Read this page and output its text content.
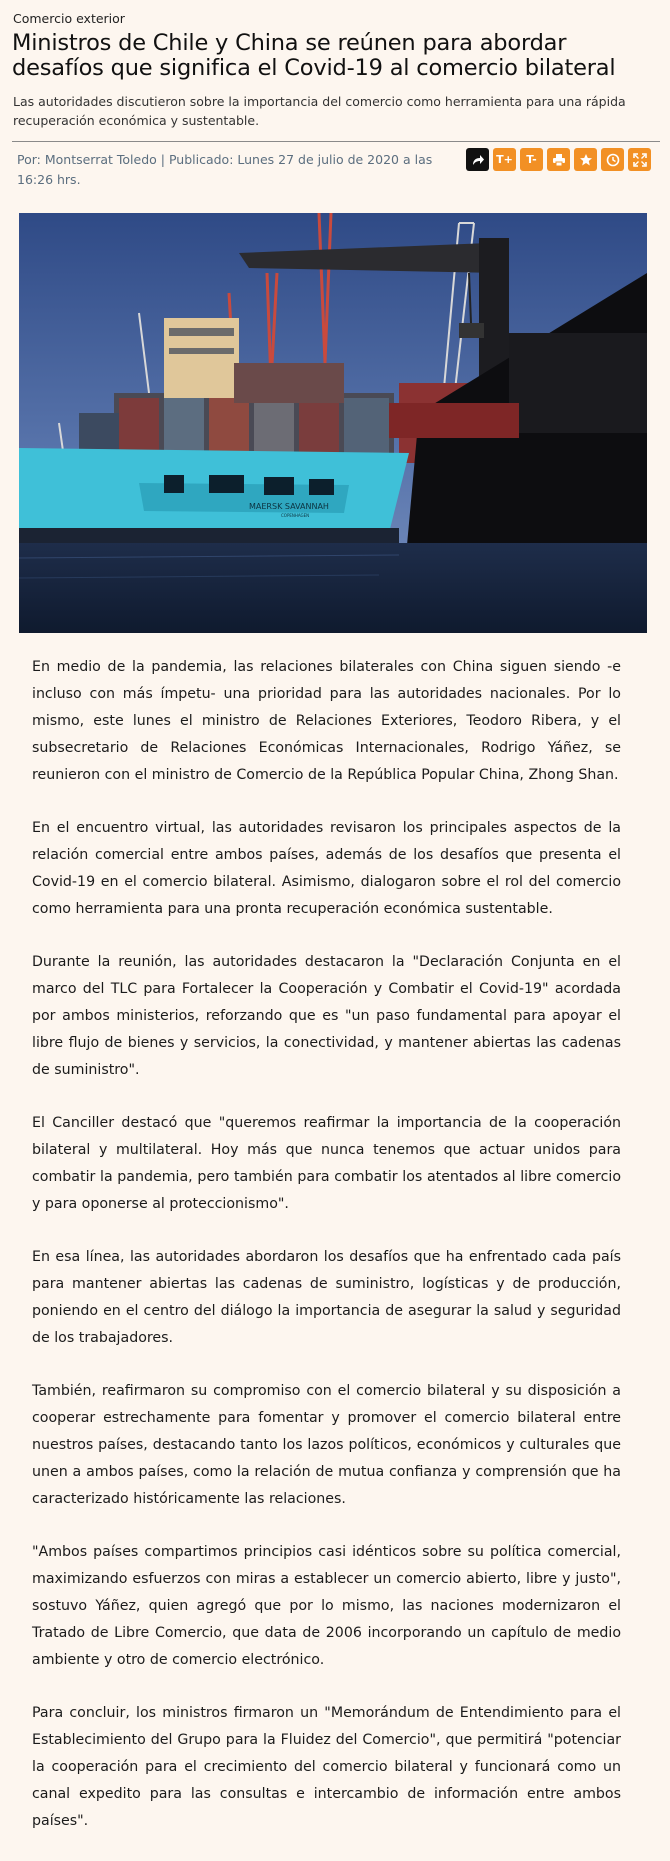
Comercio exterior
Ministros de Chile y China se reúnen para abordar desafíos que significa el Covid-19 al comercio bilateral
Las autoridades discutieron sobre la importancia del comercio como herramienta para una rápida recuperación económica y sustentable.
Por: Montserrat Toledo | Publicado: Lunes 27 de julio de 2020 a las 16:26 hrs.
T+	T-
MAERSK SAVANNAH
COPENHAGEN

En medio de la pandemia, las relaciones bilaterales con China siguen siendo -e incluso con más ímpetu- una prioridad para las autoridades nacionales. Por lo mismo, este lunes el ministro de Relaciones Exteriores, Teodoro Ribera, y el subsecretario de Relaciones Económicas Internacionales, Rodrigo Yáñez, se reunieron con el ministro de Comercio de la República Popular China, Zhong Shan.

En el encuentro virtual, las autoridades revisaron los principales aspectos de la relación comercial entre ambos países, además de los desafíos que presenta el Covid-19 en el comercio bilateral. Asimismo, dialogaron sobre el rol del comercio como herramienta para una pronta recuperación económica sustentable.

Durante la reunión, las autoridades destacaron la "Declaración Conjunta en el marco del TLC para Fortalecer la Cooperación y Combatir el Covid-19" acordada por ambos ministerios, reforzando que es "un paso fundamental para apoyar el libre flujo de bienes y servicios, la conectividad, y mantener abiertas las cadenas de suministro".

El Canciller destacó que "queremos reafirmar la importancia de la cooperación bilateral y multilateral. Hoy más que nunca tenemos que actuar unidos para combatir la pandemia, pero también para combatir los atentados al libre comercio y para oponerse al proteccionismo".

En esa línea, las autoridades abordaron los desafíos que ha enfrentado cada país para mantener abiertas las cadenas de suministro, logísticas y de producción, poniendo en el centro del diálogo la importancia de asegurar la salud y seguridad de los trabajadores.

También, reafirmaron su compromiso con el comercio bilateral y su disposición a cooperar estrechamente para fomentar y promover el comercio bilateral entre nuestros países, destacando tanto los lazos políticos, económicos y culturales que unen a ambos países, como la relación de mutua confianza y comprensión que ha caracterizado históricamente las relaciones.

"Ambos países compartimos principios casi idénticos sobre su política comercial, maximizando esfuerzos con miras a establecer un comercio abierto, libre y justo", sostuvo Yáñez, quien agregó que por lo mismo, las naciones modernizaron el Tratado de Libre Comercio, que data de 2006 incorporando un capítulo de medio ambiente y otro de comercio electrónico.

Para concluir, los ministros firmaron un "Memorándum de Entendimiento para el Establecimiento del Grupo para la Fluidez del Comercio", que permitirá "potenciar la cooperación para el crecimiento del comercio bilateral y funcionará como un canal expedito para las consultas e intercambio de información entre ambos países".
